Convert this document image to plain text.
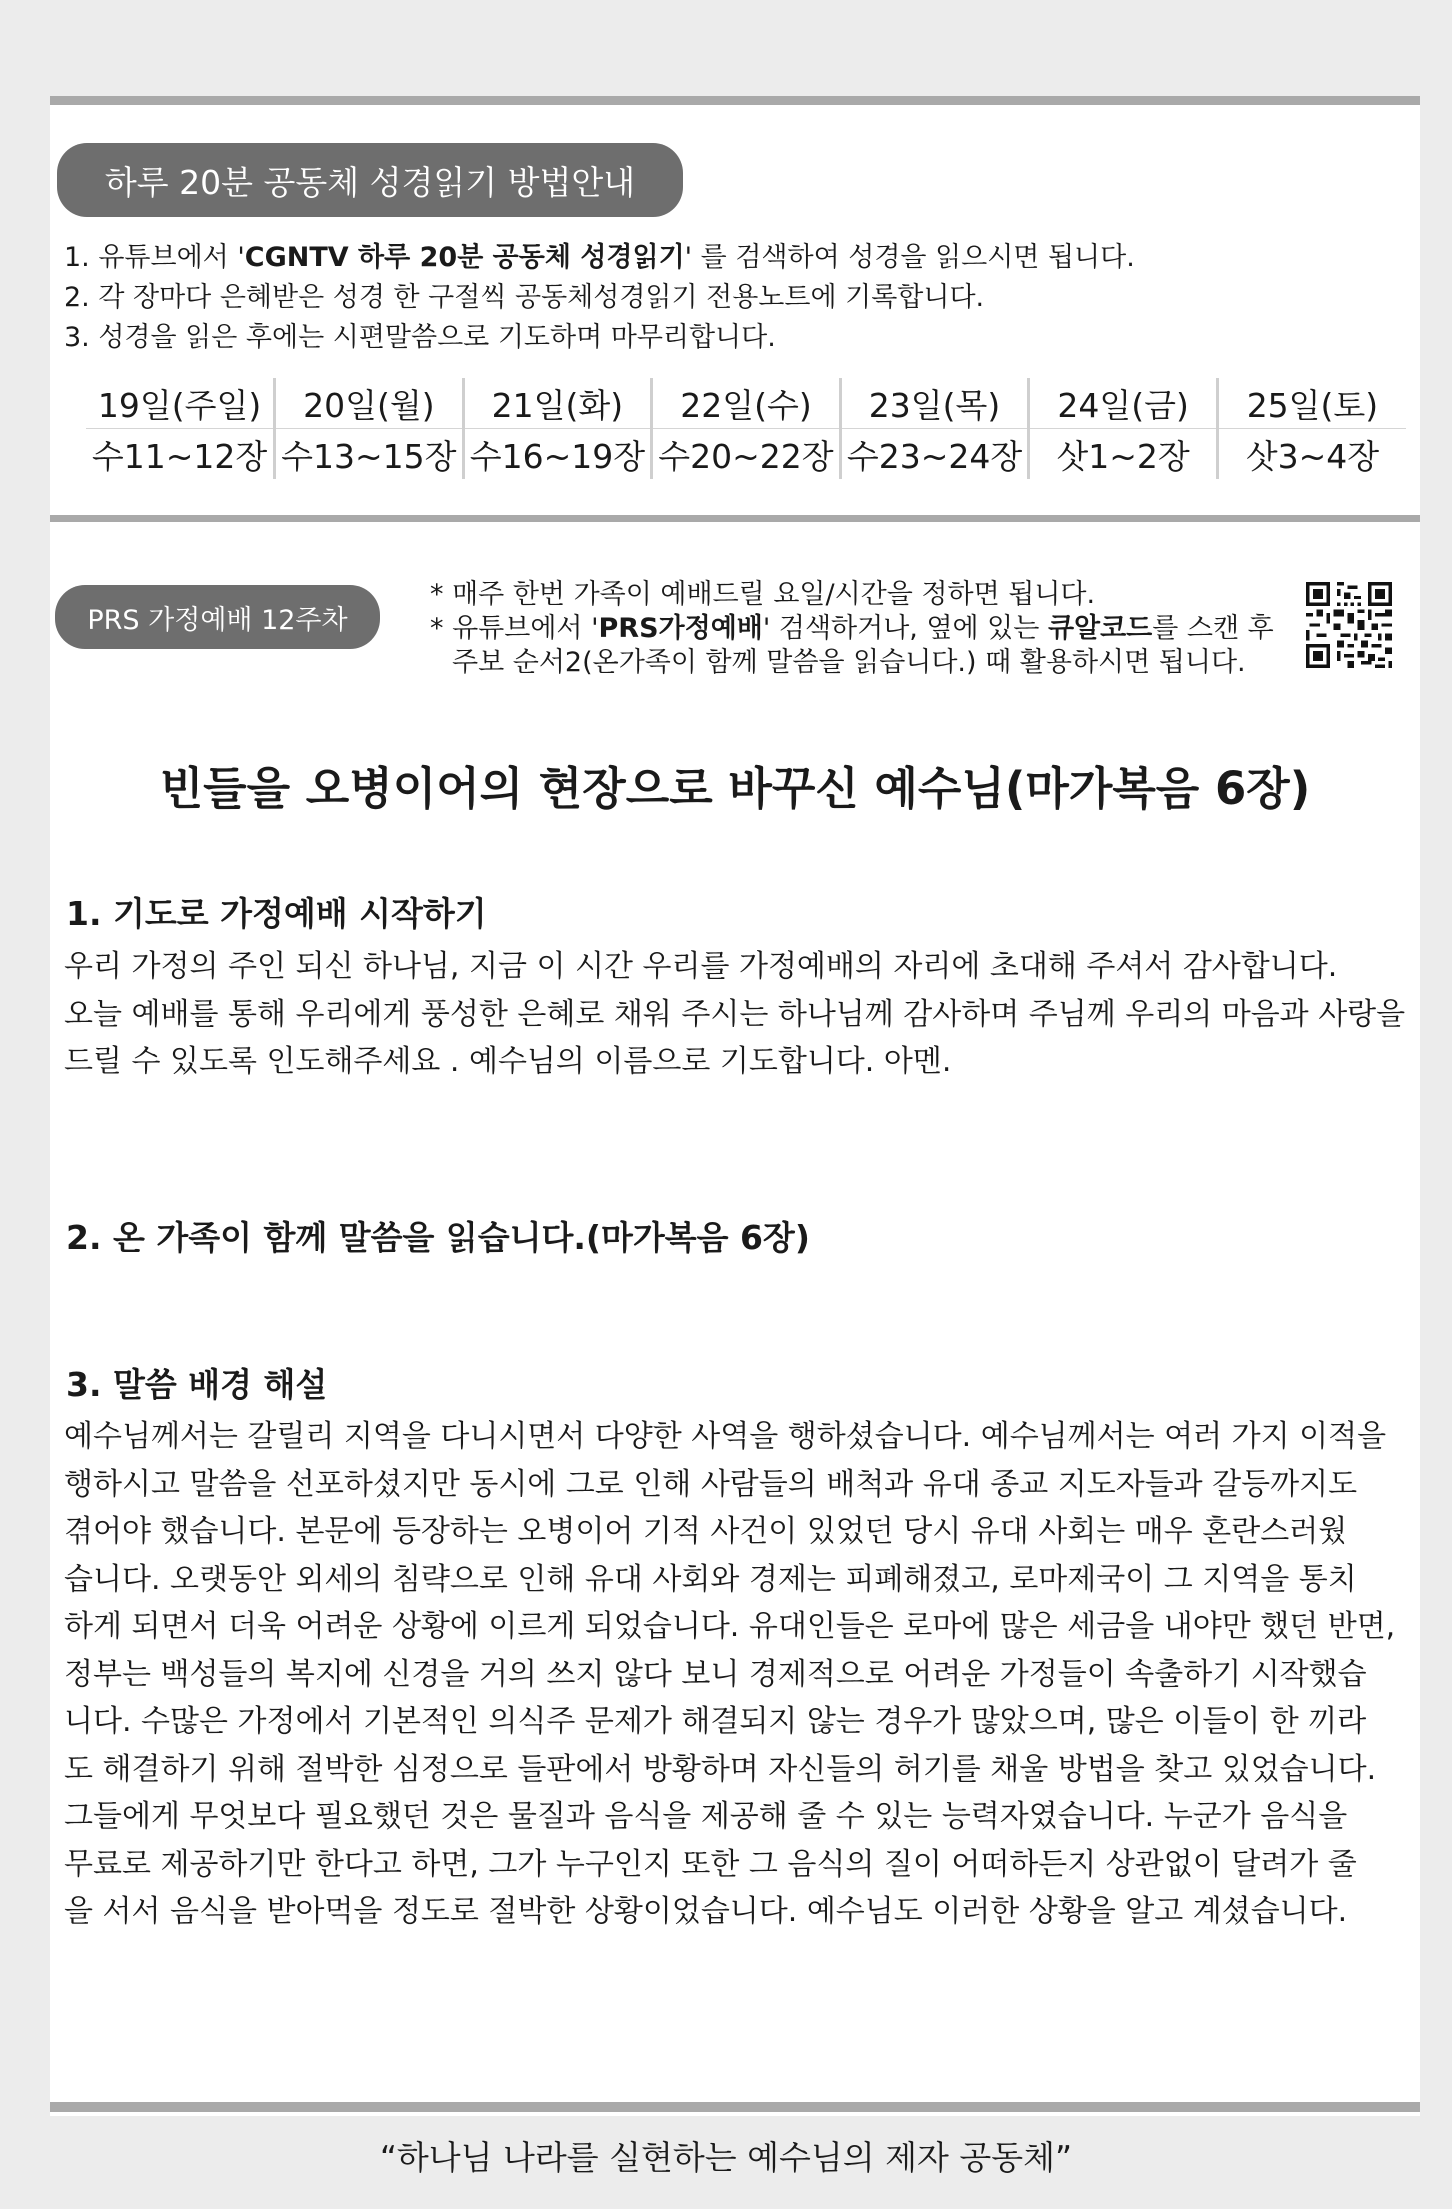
하루 20분 공동체 성경읽기 방법안내
1. 유튜브에서 'CGNTV 하루 20분 공동체 성경읽기' 를 검색하여 성경을 읽으시면 됩니다.
2. 각 장마다 은혜받은 성경 한 구절씩 공동체성경읽기 전용노트에 기록합니다.
3. 성경을 읽은 후에는 시편말씀으로 기도하며 마무리합니다.
19일(주일)	20일(월)	21일(화)	22일(수)	23일(목)	24일(금)	25일(토)
수11~12장	수13~15장	수16~19장	수20~22장	수23~24장	삿1~2장	삿3~4장
PRS 가정예배 12주차
* 매주 한번 가족이 예배드릴 요일/시간을 정하면 됩니다.
* 유튜브에서 'PRS가정예배' 검색하거나, 옆에 있는 큐알코드를 스캔 후
주보 순서2(온가족이 함께 말씀을 읽습니다.) 때 활용하시면 됩니다.
빈들을 오병이어의 현장으로 바꾸신 예수님(마가복음 6장)
1. 기도로 가정예배 시작하기
우리 가정의 주인 되신 하나님, 지금 이 시간 우리를 가정예배의 자리에 초대해 주셔서 감사합니다.
오늘 예배를 통해 우리에게 풍성한 은혜로 채워 주시는 하나님께 감사하며 주님께 우리의 마음과 사랑을
드릴 수 있도록 인도해주세요 . 예수님의 이름으로 기도합니다. 아멘.
2. 온 가족이 함께 말씀을 읽습니다.(마가복음 6장)
3. 말씀 배경 해설
예수님께서는 갈릴리 지역을 다니시면서 다양한 사역을 행하셨습니다. 예수님께서는 여러 가지 이적을
행하시고 말씀을 선포하셨지만 동시에 그로 인해 사람들의 배척과 유대 종교 지도자들과 갈등까지도
겪어야 했습니다. 본문에 등장하는 오병이어 기적 사건이 있었던 당시 유대 사회는 매우 혼란스러웠
습니다. 오랫동안 외세의 침략으로 인해 유대 사회와 경제는 피폐해졌고, 로마제국이 그 지역을 통치
하게 되면서 더욱 어려운 상황에 이르게 되었습니다. 유대인들은 로마에 많은 세금을 내야만 했던 반면,
정부는 백성들의 복지에 신경을 거의 쓰지 않다 보니 경제적으로 어려운 가정들이 속출하기 시작했습
니다. 수많은 가정에서 기본적인 의식주 문제가 해결되지 않는 경우가 많았으며, 많은 이들이 한 끼라
도 해결하기 위해 절박한 심정으로 들판에서 방황하며 자신들의 허기를 채울 방법을 찾고 있었습니다.
그들에게 무엇보다 필요했던 것은 물질과 음식을 제공해 줄 수 있는 능력자였습니다. 누군가 음식을
무료로 제공하기만 한다고 하면, 그가 누구인지 또한 그 음식의 질이 어떠하든지 상관없이 달려가 줄
을 서서 음식을 받아먹을 정도로 절박한 상황이었습니다. 예수님도 이러한 상황을 알고 계셨습니다.
“하나님 나라를 실현하는 예수님의 제자 공동체”
